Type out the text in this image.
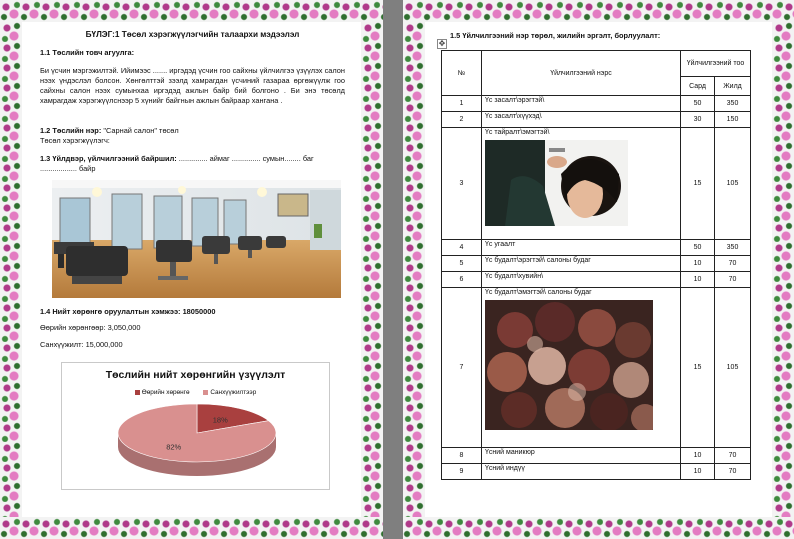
БҮЛЭГ:1 Төсөл хэрэгжүүлэгчийн талаархи мэдээлэл
1.1 Төслийн товч агуулга:
Би үсчин мэргэжилтэй. Ийимээс ....... иргэдэд үсчин гоо сайхны үйлчилгээ үзүүлэх салон нээх үндэслэл болсон. Хөнгөлттэй зээлд хамрагдан үсчиний газараа өргөжүүлж гоо сайхны салон нээх сумынхаа иргэдэд ажлын байр бий болгоно . Би энэ төсөлд хамрагдаж хэрэгжүүлснээр 5 хүнийг байгнын ажлын байраар хангана .
1.2 Төслийн нэр: "Сарнай салон" төсөл
Төсөл хэрэгжүүлэгч:
1.3 Үйлдвэр, үйлчилгээний байршил: .............. аймаг .............. сумын........ баг .................. байр
1.4 Нийт хөрөнгө оруулалтын хэмжээ: 18050000
Өөрийн хөрөнгөөр: 3,050,000
Санхүүжилт: 15,000,000
Төслийн нийт хөрөнгийн үзүүлэлт
Өөрийн хөрөнгө	Санхүүжилтээр
18%
82%
1.5 Үйлчилгээний нэр төрөл, жилийн эргэлт, борлуулалт:
✥
№	Үйлчилгээний нэрс	Үйлчилгээний тоо	
		Сард	Жилд
1	Үс засалт\эрэгтэй\	50	350
2	Үс засалт\хүүхэд\	30	150
3	Үс тайралт\эмэгтэй\	15	105
4	Үс угаалт	50	350
5	Үс будалт\эрэгтэй\ салоны будаг	10	70
6	Үс будалт\хувийн\	10	70
7	Үс будалт\эмэгтэй\ салоны будаг	15	105
8	Үсний маникюр	10	70
9	Үсний индүү	10	70
